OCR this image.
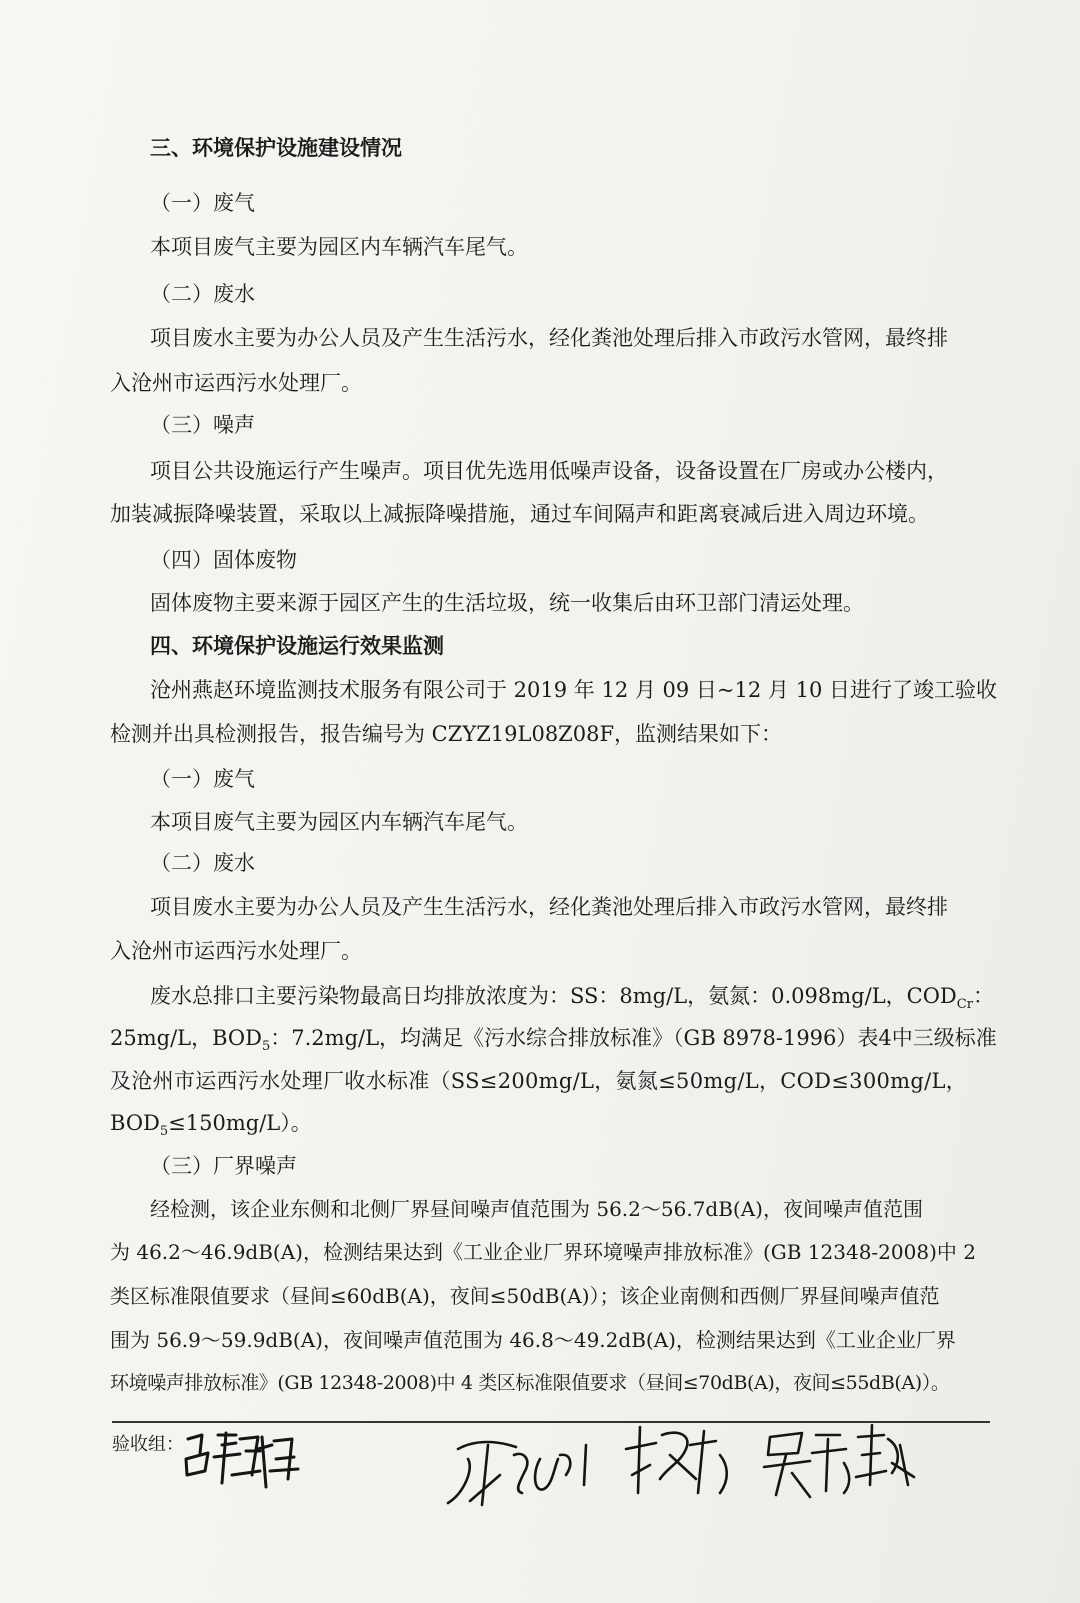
三、环境保护设施建设情况
（一）废气
本项目废气主要为园区内车辆汽车尾气。
（二）废水
项目废水主要为办公人员及产生生活污水，经化粪池处理后排入市政污水管网，最终排
入沧州市运西污水处理厂。
（三）噪声
项目公共设施运行产生噪声。项目优先选用低噪声设备，设备设置在厂房或办公楼内，
加装减振降噪装置，采取以上减振降噪措施，通过车间隔声和距离衰减后进入周边环境。
（四）固体废物
固体废物主要来源于园区产生的生活垃圾，统一收集后由环卫部门清运处理。
四、环境保护设施运行效果监测
沧州燕赵环境监测技术服务有限公司于 2019 年 12 月 09 日~12 月 10 日进行了竣工验收
检测并出具检测报告，报告编号为 CZYZ19L08Z08F，监测结果如下：
（一）废气
本项目废气主要为园区内车辆汽车尾气。
（二）废水
项目废水主要为办公人员及产生生活污水，经化粪池处理后排入市政污水管网，最终排
入沧州市运西污水处理厂。
废水总排口主要污染物最高日均排放浓度为：SS：8mg/L，氨氮：0.098mg/L，$COD_{Cr}$：
25mg/L，$BOD_5$：7.2mg/L，均满足《污水综合排放标准》（GB 8978-1996）表4中三级标准
及沧州市运西污水处理厂收水标准（SS≤200mg/L，氨氮≤50mg/L，COD≤300mg/L，
$BOD_5\le 150mg/L$）。
（三）厂界噪声
经检测，该企业东侧和北侧厂界昼间噪声值范围为 56.2～56.7dB(A)，夜间噪声值范围
为 46.2～46.9dB(A)，检测结果达到《工业企业厂界环境噪声排放标准》(GB 12348-2008)中 2
类区标准限值要求（昼间≤60dB(A)，夜间≤50dB(A)）；该企业南侧和西侧厂界昼间噪声值范
围为 56.9～59.9dB(A)，夜间噪声值范围为 46.8～49.2dB(A)，检测结果达到《工业企业厂界
环境噪声排放标准》(GB 12348-2008)中 4 类区标准限值要求（昼间≤70dB(A)，夜间≤55dB(A)）。
验收组：
